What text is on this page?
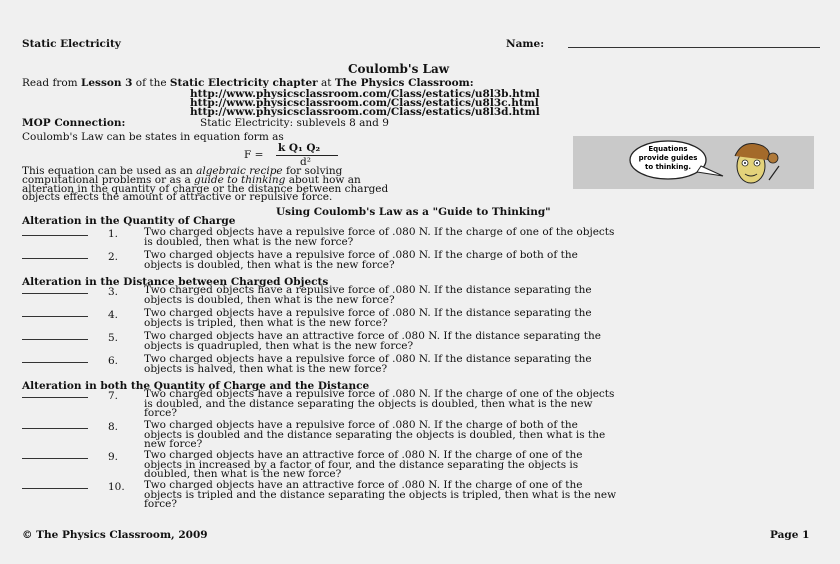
Static Electricity	Name:
Coulomb's Law
Read from Lesson 3 of the Static Electricity chapter at The Physics Classroom:
http://www.physicsclassroom.com/Class/estatics/u8l3b.html
http://www.physicsclassroom.com/Class/estatics/u8l3c.html
http://www.physicsclassroom.com/Class/estatics/u8l3d.html
MOP Connection:	Static Electricity: sublevels 8 and 9
Coulomb's Law can be states in equation form as
F =
k Q₁ Q₂
d²
This equation can be used as an algebraic recipe for solving
computational problems or as a guide to thinking about how an
alteration in the quantity of charge or the distance between charged
objects effects the amount of attractive or repulsive force.
Equations
provide guides
to thinking.
Using Coulomb's Law as a "Guide to Thinking"
Alteration in the Quantity of Charge
1. Two charged objects have a repulsive force of .080 N. If the charge of one of the objects
is doubled, then what is the new force?
2. Two charged objects have a repulsive force of .080 N. If the charge of both of the
objects is doubled, then what is the new force?
Alteration in the Distance between Charged Objects
3. Two charged objects have a repulsive force of .080 N. If the distance separating the
objects is doubled, then what is the new force?
4. Two charged objects have a repulsive force of .080 N. If the distance separating the
objects is tripled, then what is the new force?
5. Two charged objects have an attractive force of .080 N. If the distance separating the
objects is quadrupled, then what is the new force?
6. Two charged objects have a repulsive force of .080 N. If the distance separating the
objects is halved, then what is the new force?
Alteration in both the Quantity of Charge and the Distance
7. Two charged objects have a repulsive force of .080 N. If the charge of one of the objects
is doubled, and the distance separating the objects is doubled, then what is the new
force?
8. Two charged objects have a repulsive force of .080 N. If the charge of both of the
objects is doubled and the distance separating the objects is doubled, then what is the
new force?
9. Two charged objects have an attractive force of .080 N. If the charge of one of the
objects in increased by a factor of four, and the distance separating the objects is
doubled, then what is the new force?
10. Two charged objects have an attractive force of .080 N. If the charge of one of the
objects is tripled and the distance separating the objects is tripled, then what is the new
force?
© The Physics Classroom, 2009	Page 1
